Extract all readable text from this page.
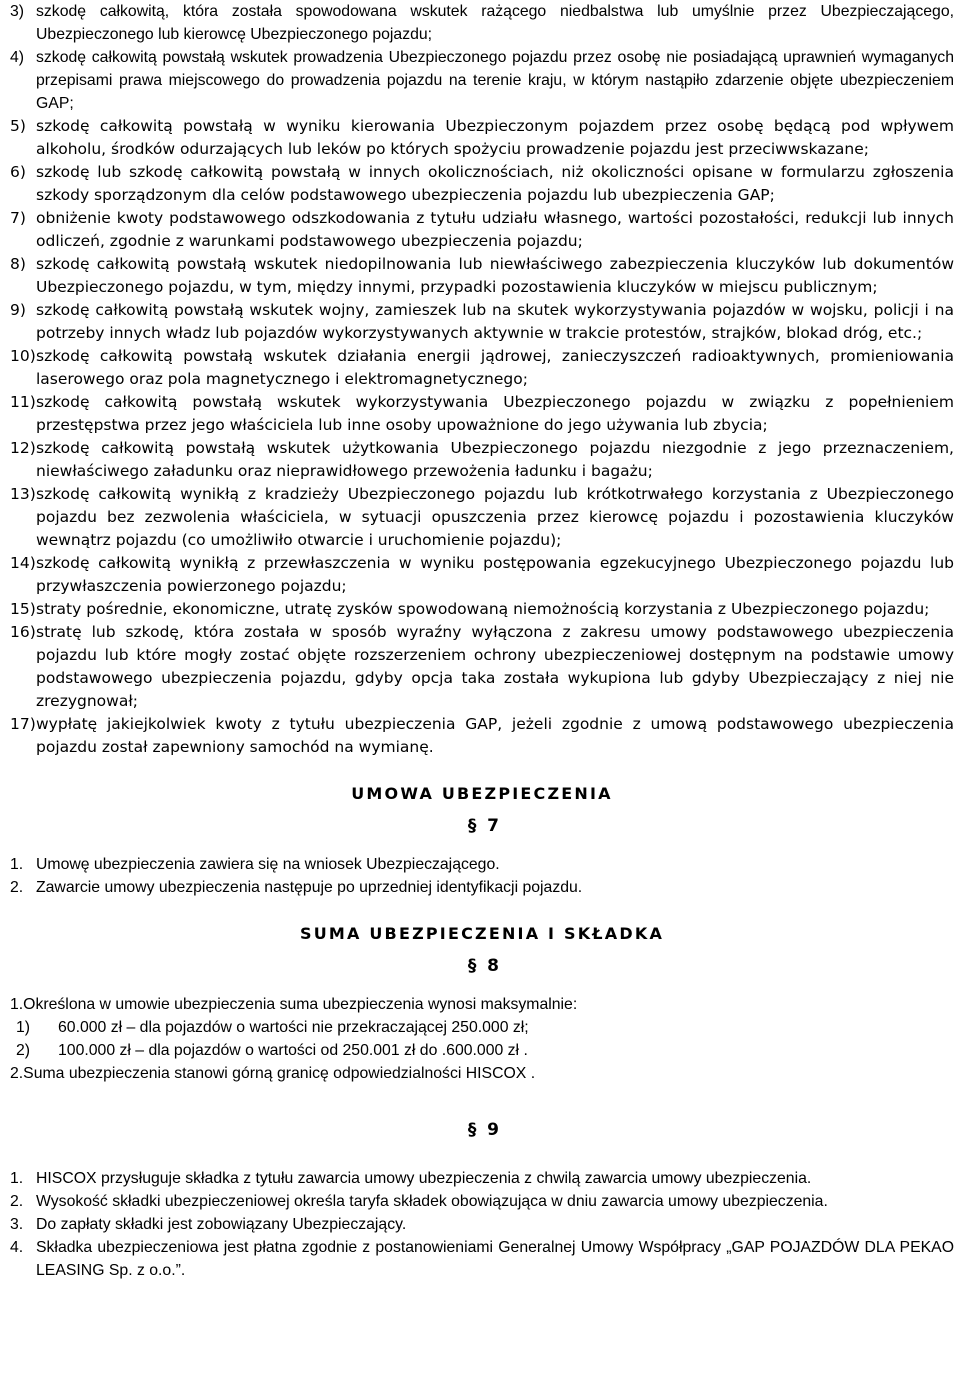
3) szkodę całkowitą, która została spowodowana wskutek rażącego niedbalstwa lub umyślnie przez Ubezpieczającego, Ubezpieczonego lub kierowcę Ubezpieczonego pojazdu;
4) szkodę całkowitą powstałą wskutek prowadzenia Ubezpieczonego pojazdu przez osobę nie posiadającą uprawnień wymaganych przepisami prawa miejscowego do prowadzenia pojazdu na terenie kraju, w którym nastąpiło zdarzenie objęte ubezpieczeniem GAP;
5) szkodę całkowitą powstałą w wyniku kierowania Ubezpieczonym pojazdem przez osobę będącą pod wpływem alkoholu, środków odurzających lub leków po których spożyciu prowadzenie pojazdu jest przeciwwskazane;
6) szkodę lub szkodę całkowitą powstałą w innych okolicznościach, niż okoliczności opisane w formularzu zgłoszenia szkody sporządzonym dla celów podstawowego ubezpieczenia pojazdu lub ubezpieczenia GAP;
7) obniżenie kwoty podstawowego odszkodowania z tytułu udziału własnego, wartości pozostałości, redukcji lub innych odliczeń, zgodnie z warunkami podstawowego ubezpieczenia pojazdu;
8) szkodę całkowitą powstałą wskutek niedopilnowania lub niewłaściwego zabezpieczenia kluczyków lub dokumentów Ubezpieczonego pojazdu, w tym, między innymi, przypadki pozostawienia kluczyków w miejscu publicznym;
9) szkodę całkowitą powstałą wskutek wojny, zamieszek lub na skutek wykorzystywania pojazdów w wojsku, policji i na potrzeby innych władz lub pojazdów wykorzystywanych aktywnie w trakcie protestów, strajków, blokad dróg, etc.;
10) szkodę całkowitą powstałą wskutek działania energii jądrowej, zanieczyszczeń radioaktywnych, promieniowania laserowego oraz pola magnetycznego i elektromagnetycznego;
11) szkodę całkowitą powstałą wskutek wykorzystywania Ubezpieczonego pojazdu w związku z popełnieniem przestępstwa przez jego właściciela lub inne osoby upoważnione do jego używania lub zbycia;
12) szkodę całkowitą powstałą wskutek użytkowania Ubezpieczonego pojazdu niezgodnie z jego przeznaczeniem, niewłaściwego załadunku oraz nieprawidłowego przewożenia ładunku i bagażu;
13) szkodę całkowitą wynikłą z kradzieży Ubezpieczonego pojazdu lub krótkotrwałego korzystania z Ubezpieczonego pojazdu bez zezwolenia właściciela, w sytuacji opuszczenia przez kierowcę pojazdu i pozostawienia kluczyków wewnątrz pojazdu (co umożliwiło otwarcie i uruchomienie pojazdu);
14) szkodę całkowitą wynikłą z przewłaszczenia w wyniku postępowania egzekucyjnego Ubezpieczonego pojazdu lub przywłaszczenia powierzonego pojazdu;
15) straty pośrednie, ekonomiczne, utratę zysków spowodowaną niemożnością korzystania z Ubezpieczonego pojazdu;
16) stratę lub szkodę, która została w sposób wyraźny wyłączona z zakresu umowy podstawowego ubezpieczenia pojazdu lub które mogły zostać objęte rozszerzeniem ochrony ubezpieczeniowej dostępnym na podstawie umowy podstawowego ubezpieczenia pojazdu, gdyby opcja taka została wykupiona lub gdyby Ubezpieczający z niej nie zrezygnował;
17) wypłatę jakiejkolwiek kwoty z tytułu ubezpieczenia GAP, jeżeli zgodnie z umową podstawowego ubezpieczenia pojazdu został zapewniony samochód na wymianę.
UMOWA UBEZPIECZENIA
§ 7
1. Umowę ubezpieczenia zawiera się na wniosek Ubezpieczającego.
2. Zawarcie umowy ubezpieczenia następuje po uprzedniej identyfikacji pojazdu.
SUMA UBEZPIECZENIA I SKŁADKA
§ 8
1.Określona w umowie ubezpieczenia suma ubezpieczenia wynosi maksymalnie:
1) 60.000 zł – dla pojazdów o wartości nie przekraczającej 250.000 zł;
2) 100.000 zł – dla pojazdów o wartości od 250.001 zł do .600.000 zł .
2.Suma ubezpieczenia stanowi górną granicę odpowiedzialności HISCOX .
§ 9
1. HISCOX przysługuje składka z tytułu zawarcia umowy ubezpieczenia z chwilą zawarcia umowy ubezpieczenia.
2. Wysokość składki ubezpieczeniowej określa taryfa składek obowiązująca w dniu zawarcia umowy ubezpieczenia.
3. Do zapłaty składki jest zobowiązany Ubezpieczający.
4. Składka ubezpieczeniowa jest płatna zgodnie z postanowieniami Generalnej Umowy Współpracy „GAP POJAZDÓW DLA PEKAO LEASING Sp. z o.o.”.
